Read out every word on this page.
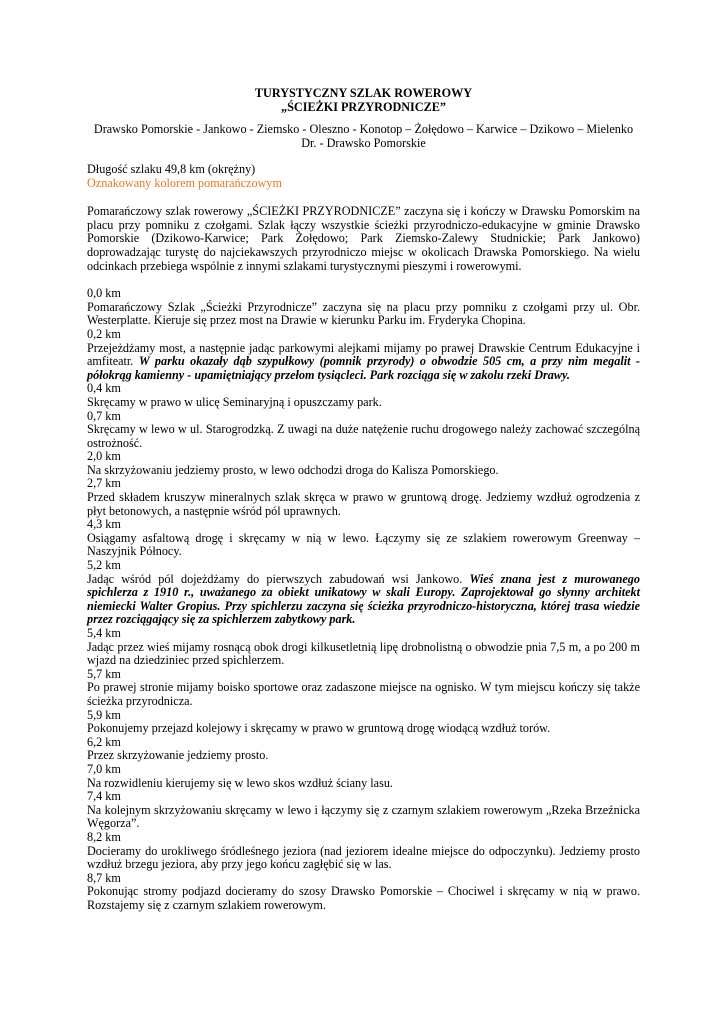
TURYSTYCZNY SZLAK ROWEROWY
„ŚCIEŻKI PRZYRODNICZE”
Drawsko Pomorskie - Jankowo - Ziemsko - Oleszno - Konotop – Żołędowo – Karwice – Dzikowo – Mielenko Dr. - Drawsko Pomorskie
Długość szlaku 49,8 km (okrężny)
Oznakowany kolorem pomarańczowym
Pomarańczowy szlak rowerowy „ŚCIEŻKI PRZYRODNICZE” zaczyna się i kończy w Drawsku Pomorskim na placu przy pomniku z czołgami. Szlak łączy wszystkie ścieżki przyrodniczo-edukacyjne w gminie Drawsko Pomorskie (Dzikowo-Karwice; Park Żołędowo; Park Ziemsko-Zalewy Studnickie; Park Jankowo) doprowadzając turystę do najciekawszych przyrodniczo miejsc w okolicach Drawska Pomorskiego. Na wielu odcinkach przebiega wspólnie z innymi szlakami turystycznymi pieszymi i rowerowymi.
0,0 km
Pomarańczowy Szlak „Ścieżki Przyrodnicze” zaczyna się na placu przy pomniku z czołgami przy ul. Obr. Westerplatte. Kieruje się przez most na Drawie w kierunku Parku im. Fryderyka Chopina.
0,2 km
Przejeżdżamy most, a następnie jadąc parkowymi alejkami mijamy po prawej Drawskie Centrum Edukacyjne i amfiteatr. W parku okazały dąb szypułkowy (pomnik przyrody) o obwodzie 505 cm, a przy nim megalit - półokrąg kamienny - upamiętniający przełom tysiącleci. Park rozciąga się w zakolu rzeki Drawy.
0,4 km
Skręcamy w prawo w ulicę Seminaryjną i opuszczamy park.
0,7 km
Skręcamy w lewo w ul. Starogrodzką. Z uwagi na duże natężenie ruchu drogowego należy zachować szczególną ostrożność.
2,0 km
Na skrzyżowaniu jedziemy prosto, w lewo odchodzi droga do Kalisza Pomorskiego.
2,7 km
Przed składem kruszyw mineralnych szlak skręca w prawo w gruntową drogę. Jedziemy wzdłuż ogrodzenia z płyt betonowych, a następnie wśród pól uprawnych.
4,3 km
Osiągamy asfaltową drogę i skręcamy w nią w lewo. Łączymy się ze szlakiem rowerowym Greenway – Naszyjnik Północy.
5,2 km
Jadąc wśród pól dojeżdżamy do pierwszych zabudowań wsi Jankowo. Wieś znana jest z murowanego spichlerza z 1910 r., uważanego za obiekt unikatowy w skali Europy. Zaprojektował go słynny architekt niemiecki Walter Gropius. Przy spichlerzu zaczyna się ścieżka przyrodniczo-historyczna, której trasa wiedzie przez rozciągający się za spichlerzem zabytkowy park.
5,4 km
Jadąc przez wieś mijamy rosnącą obok drogi kilkusetletnią lipę drobnolistną o obwodzie pnia 7,5 m, a po 200 m wjazd na dziedziniec przed spichlerzem.
5,7 km
Po prawej stronie mijamy boisko sportowe oraz zadaszone miejsce na ognisko. W tym miejscu kończy się także ścieżka przyrodnicza.
5,9 km
Pokonujemy przejazd kolejowy i skręcamy w prawo w gruntową drogę wiodącą wzdłuż torów.
6,2 km
Przez skrzyżowanie jedziemy prosto.
7,0 km
Na rozwidleniu kierujemy się w lewo skos wzdłuż ściany lasu.
7,4 km
Na kolejnym skrzyżowaniu skręcamy w lewo i łączymy się z czarnym szlakiem rowerowym „Rzeka Brzeźnicka Węgorza”.
8,2 km
Docieramy do urokliwego śródleśnego jeziora (nad jeziorem idealne miejsce do odpoczynku). Jedziemy prosto wzdłuż brzegu jeziora, aby przy jego końcu zagłębić się w las.
8,7 km
Pokonując stromy podjazd docieramy do szosy Drawsko Pomorskie – Chociwel i skręcamy w nią w prawo. Rozstajemy się z czarnym szlakiem rowerowym.
